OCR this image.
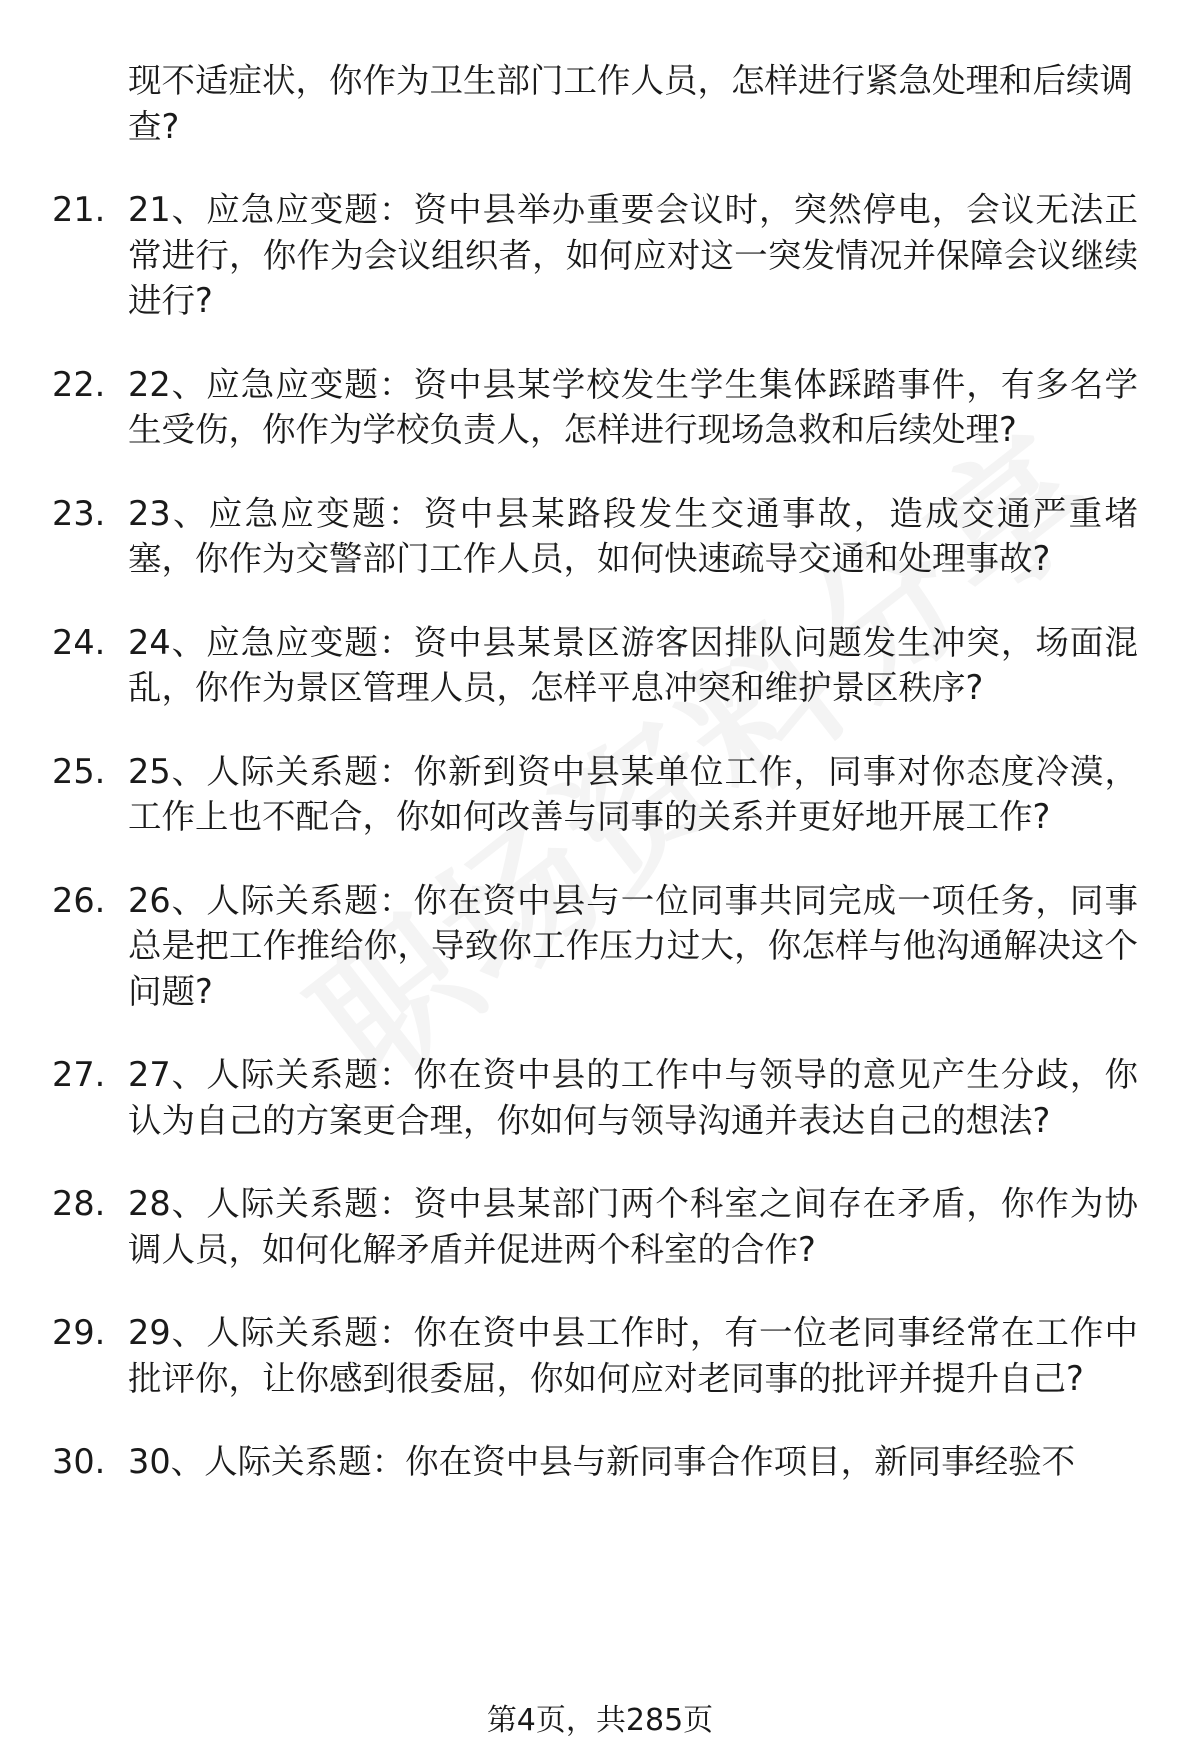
现不适症状，你作为卫生部门工作人员，怎样进行紧急处理和后续调查?

21. 21、应急应变题：资中县举办重要会议时，突然停电，会议无法正常进行，你作为会议组织者，如何应对这一突发情况并保障会议继续进行?
22. 22、应急应变题：资中县某学校发生学生集体踩踏事件，有多名学生受伤，你作为学校负责人，怎样进行现场急救和后续处理?
23. 23、应急应变题：资中县某路段发生交通事故，造成交通严重堵塞，你作为交警部门工作人员，如何快速疏导交通和处理事故?
24. 24、应急应变题：资中县某景区游客因排队问题发生冲突，场面混乱，你作为景区管理人员，怎样平息冲突和维护景区秩序?
25. 25、人际关系题：你新到资中县某单位工作，同事对你态度冷漠，工作上也不配合，你如何改善与同事的关系并更好地开展工作?
26. 26、人际关系题：你在资中县与一位同事共同完成一项任务，同事总是把工作推给你，导致你工作压力过大，你怎样与他沟通解决这个问题?
27. 27、人际关系题：你在资中县的工作中与领导的意见产生分歧，你认为自己的方案更合理，你如何与领导沟通并表达自己的想法?
28. 28、人际关系题：资中县某部门两个科室之间存在矛盾，你作为协调人员，如何化解矛盾并促进两个科室的合作?
29. 29、人际关系题：你在资中县工作时，有一位老同事经常在工作中批评你，让你感到很委屈，你如何应对老同事的批评并提升自己?
30. 30、人际关系题：你在资中县与新同事合作项目，新同事经验不
第4页，共285页
